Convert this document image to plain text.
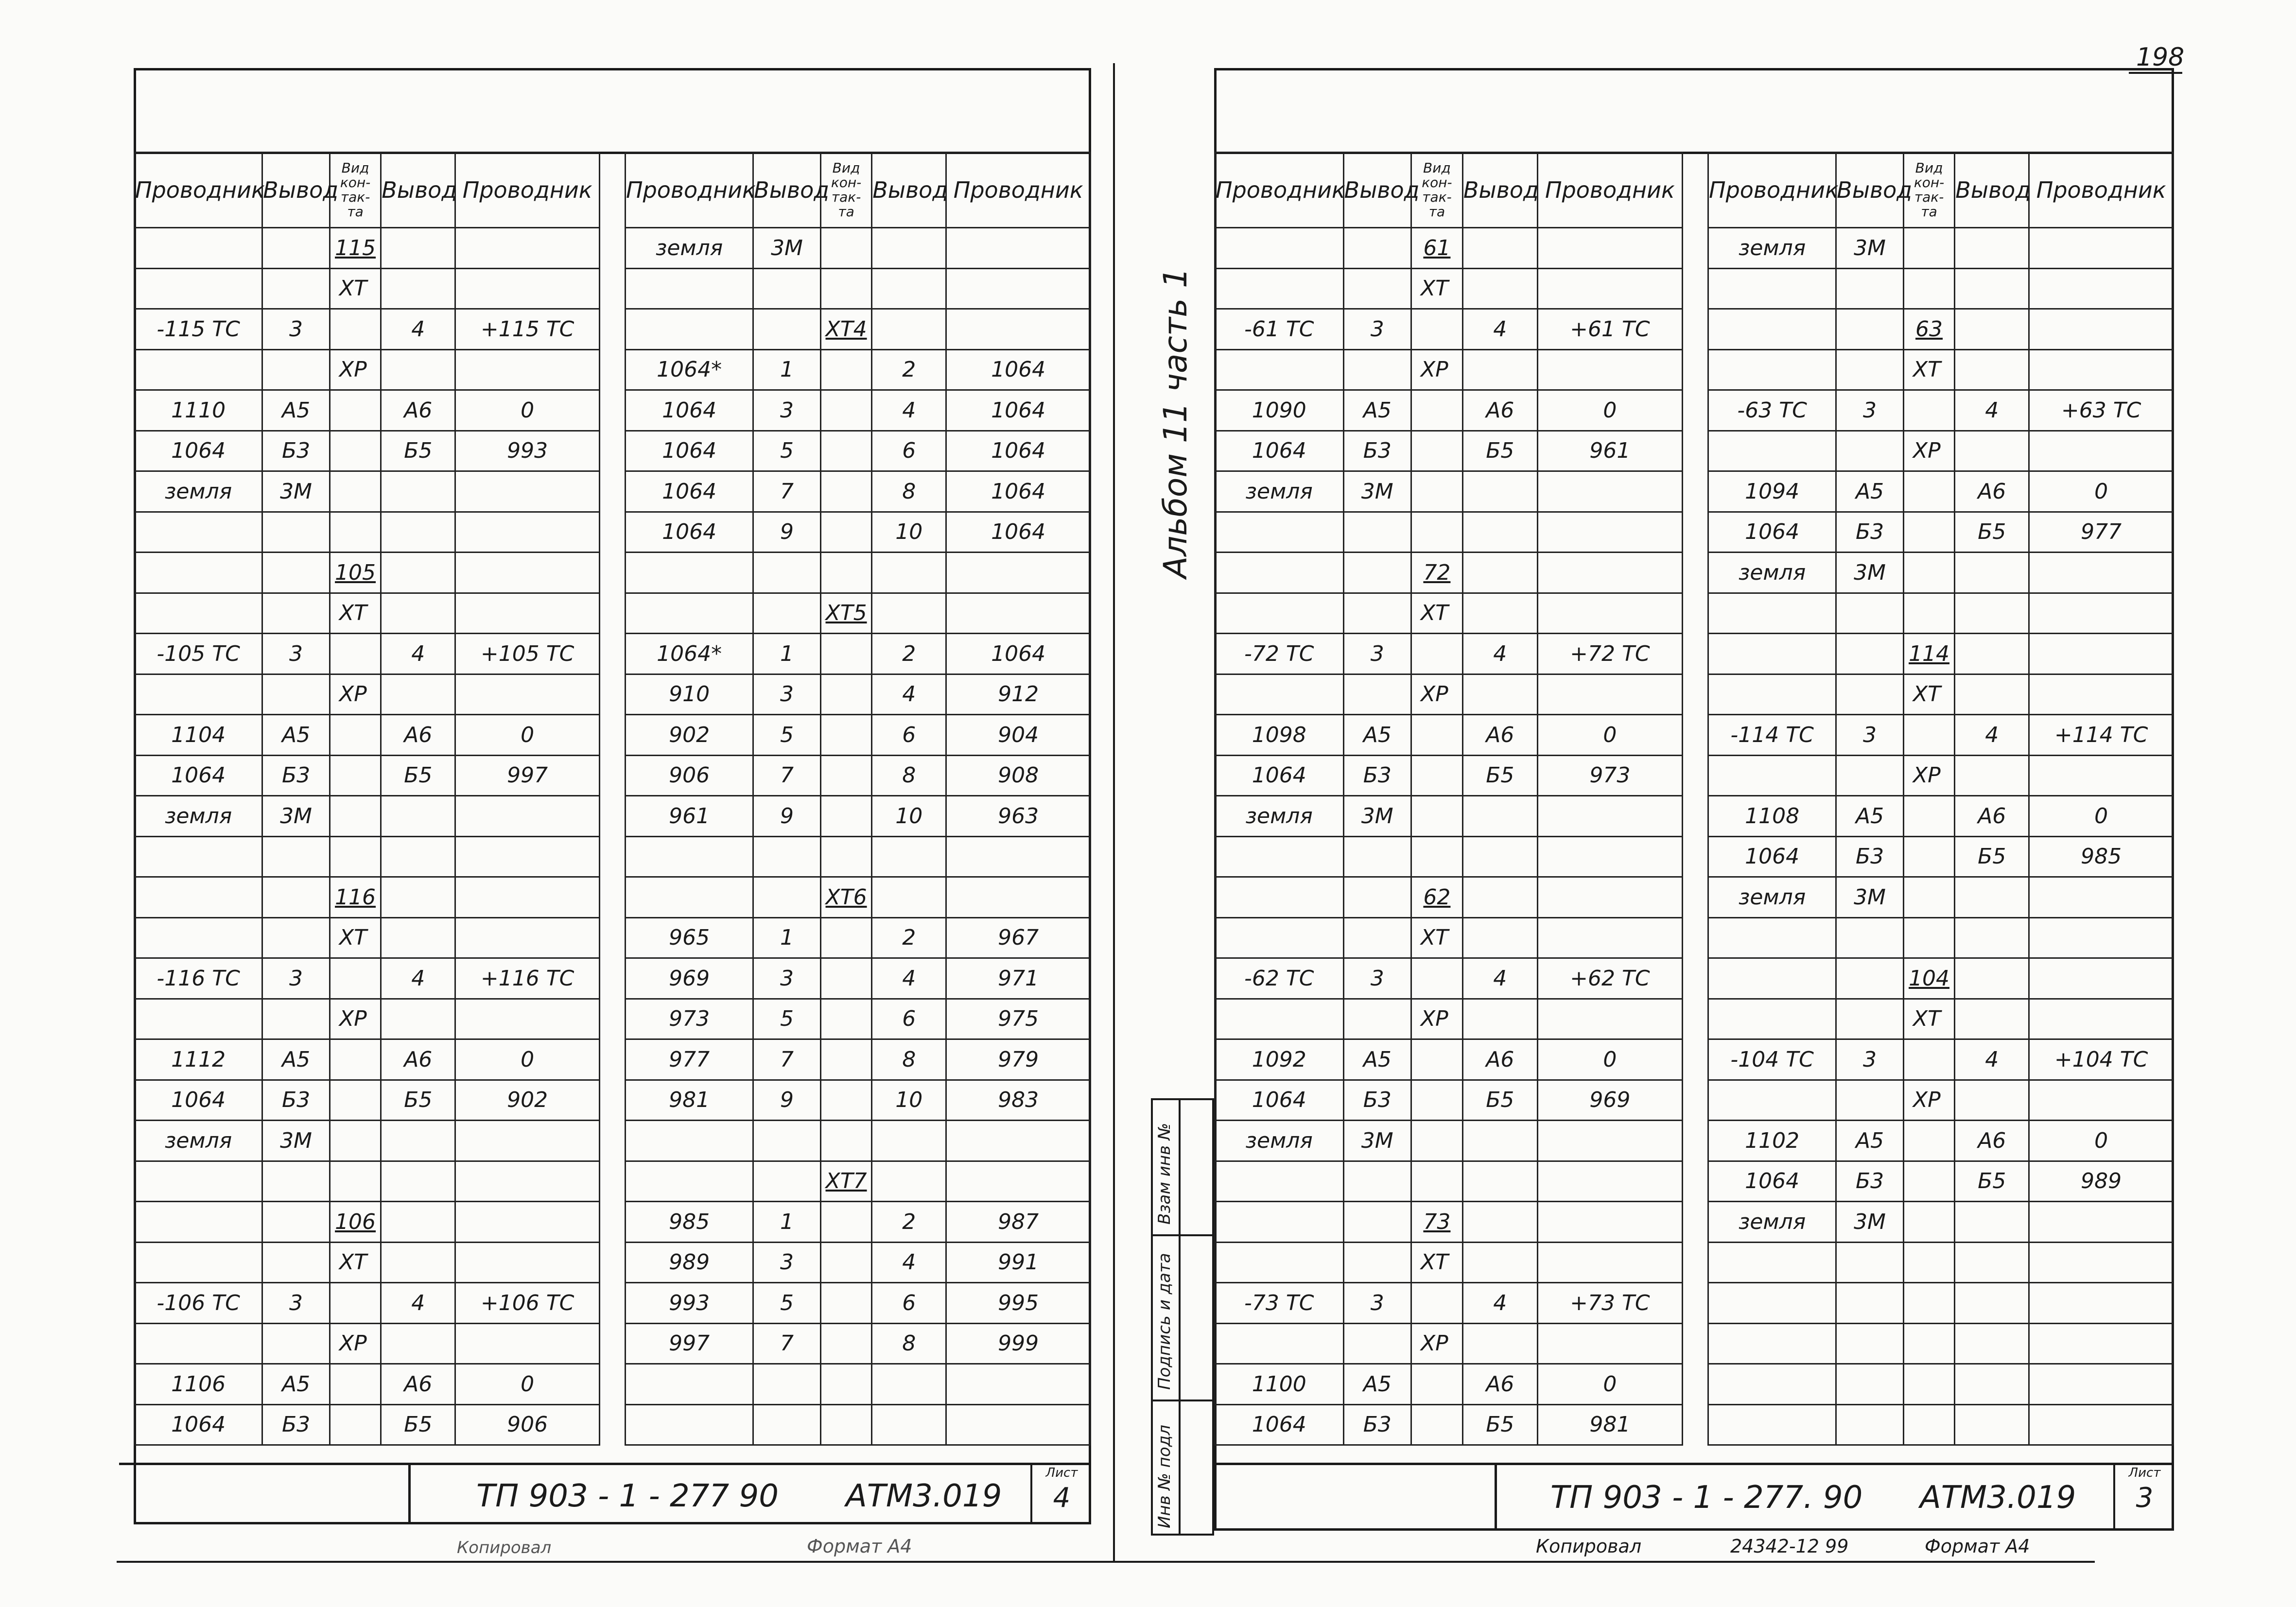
198
Проводник	Вывод	Вид кон- так- та	Вывод	Проводник
		115		
		XT		
-115 TC	3		4	+115 TC
		XP		
1110	А5		А6	0
1064	Б3		Б5	993
земля	3М			

		105		
		XT		
-105 TC	3		4	+105 TC
		XP		
1104	А5		А6	0
1064	Б3		Б5	997
земля	3М			

		116		
		XT		
-116 TC	3		4	+116 TC
		XP		
1112	А5		А6	0
1064	Б3		Б5	902
земля	3М			

		106		
		XT		
-106 TC	3		4	+106 TC
		XP		
1106	А5		А6	0
1064	Б3		Б5	906
Проводник	Вывод	Вид кон- так- та	Вывод	Проводник
земля	3М			

		XT4		
1064*	1		2	1064
1064	3		4	1064
1064	5		6	1064
1064	7		8	1064
1064	9		10	1064

		XT5		
1064*	1		2	1064
910	3		4	912
902	5		6	904
906	7		8	908
961	9		10	963

		XT6		
965	1		2	967
969	3		4	971
973	5		6	975
977	7		8	979
981	9		10	983

		XT7		
985	1		2	987
989	3		4	991
993	5		6	995
997	7		8	999

ТП 903 - 1 - 277 90 АТМ3.019
Лист
4
Копировал	Формат А4
Альбом 11 часть 1
Инв № подл
Подпись и дата
Взам инв №
Проводник	Вывод	Вид кон- так- та	Вывод	Проводник
		61		
		XT		
-61 TC	3		4	+61 TC
		XP		
1090	А5		А6	0
1064	Б3		Б5	961
земля	3М			

		72		
		XT		
-72 TC	3		4	+72 TC
		XP		
1098	А5		А6	0
1064	Б3		Б5	973
земля	3М			

		62		
		XT		
-62 TC	3		4	+62 TC
		XP		
1092	А5		А6	0
1064	Б3		Б5	969
земля	3М			

		73		
		XT		
-73 TC	3		4	+73 TC
		XP		
1100	А5		А6	0
1064	Б3		Б5	981
Проводник	Вывод	Вид кон- так- та	Вывод	Проводник
земля	3М			

		63		
		XT		
-63 TC	3		4	+63 TC
		XP		
1094	А5		А6	0
1064	Б3		Б5	977
земля	3М			

		114		
		XT		
-114 TC	3		4	+114 TC
		XP		
1108	А5		А6	0
1064	Б3		Б5	985
земля	3М			

		104		
		XT		
-104 TC	3		4	+104 TC
		XP		
1102	А5		А6	0
1064	Б3		Б5	989
земля	3М			

ТП 903 - 1 - 277. 90 АТМ3.019
Лист
3
Копировал	24342-12 99	Формат А4
